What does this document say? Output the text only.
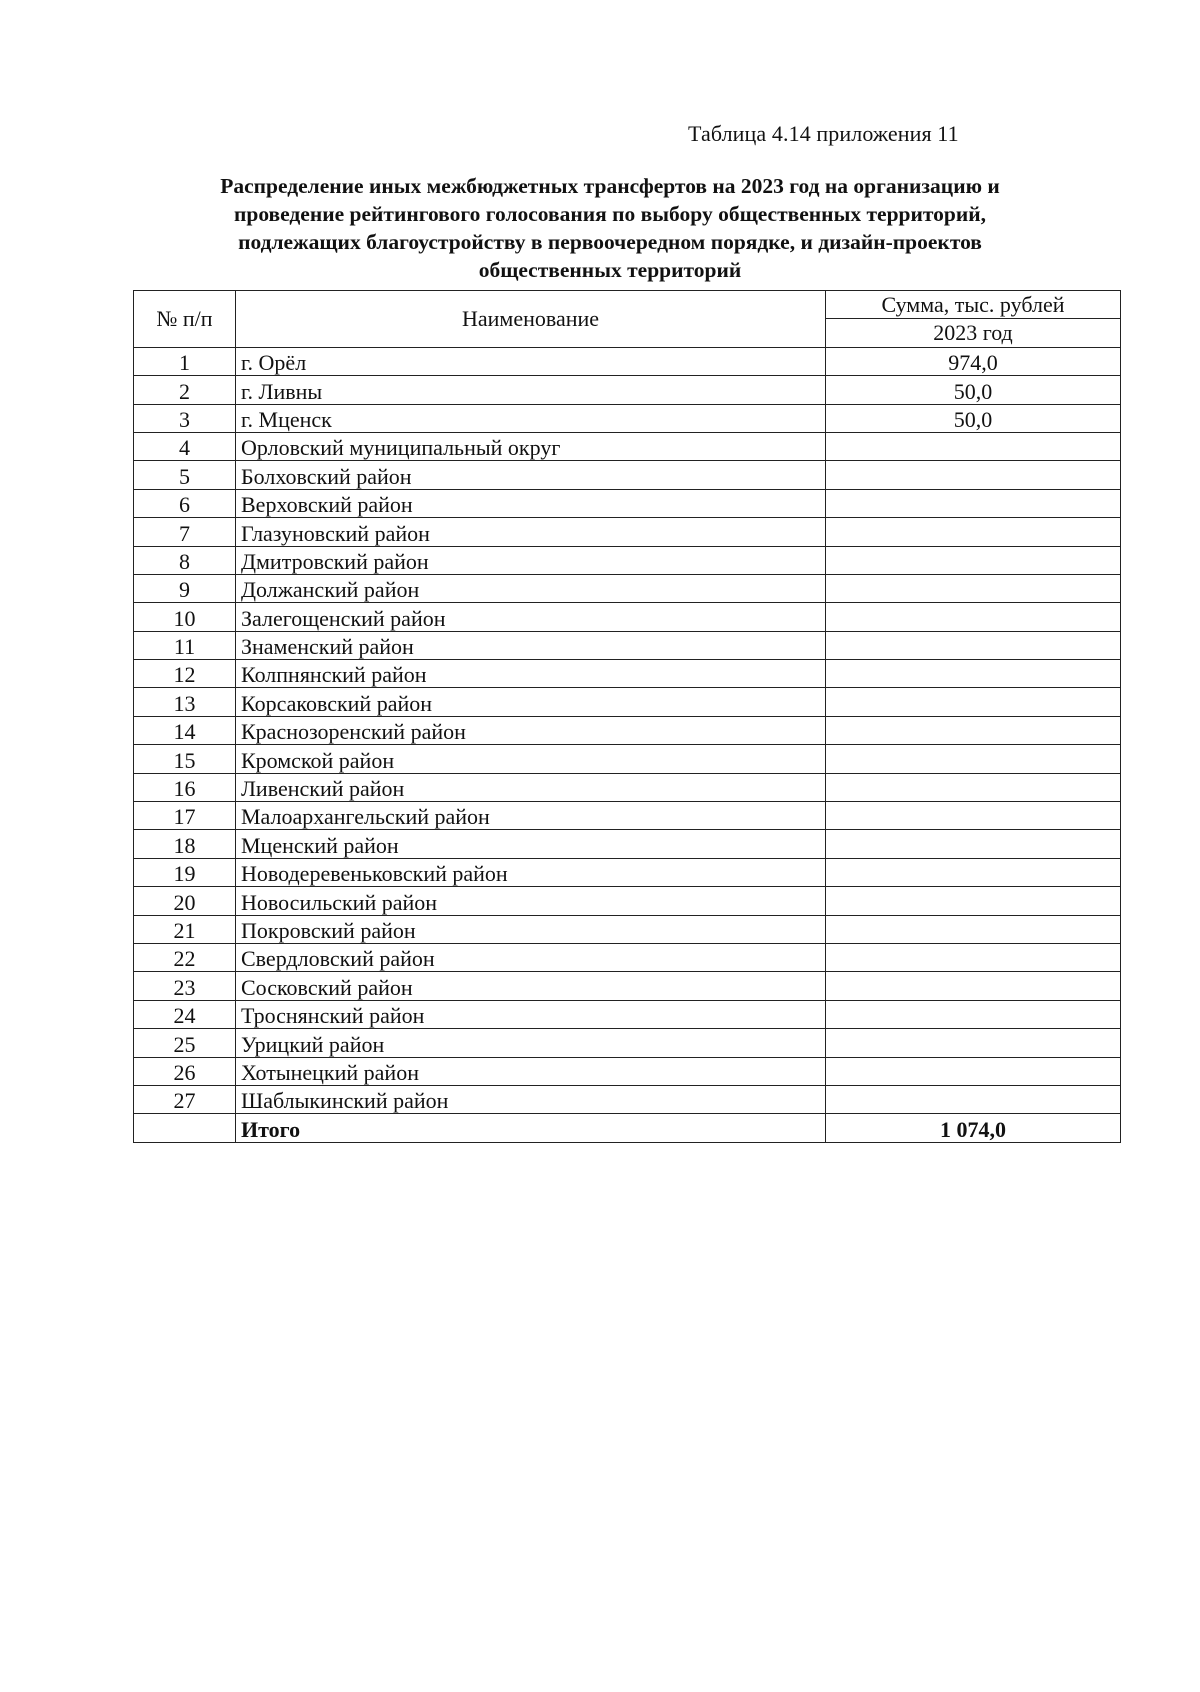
Таблица 4.14 приложения 11
Распределение иных межбюджетных трансфертов на 2023 год на организацию и
проведение рейтингового голосования по выбору общественных территорий,
подлежащих благоустройству в первоочередном порядке, и дизайн-проектов
общественных территорий
№ п/п	Наименование	Сумма, тыс. рублей
		2023 год
1	г. Орёл	974,0
2	г. Ливны	50,0
3	г. Мценск	50,0
4	Орловский муниципальный округ	
5	Болховский район	
6	Верховский район	
7	Глазуновский район	
8	Дмитровский район	
9	Должанский район	
10	Залегощенский район	
11	Знаменский район	
12	Колпнянский район	
13	Корсаковский район	
14	Краснозоренский район	
15	Кромской район	
16	Ливенский район	
17	Малоархангельский район	
18	Мценский район	
19	Новодеревеньковский район	
20	Новосильский район	
21	Покровский район	
22	Свердловский район	
23	Сосковский район	
24	Троснянский район	
25	Урицкий район	
26	Хотынецкий район	
27	Шаблыкинский район	
	Итого	1 074,0
